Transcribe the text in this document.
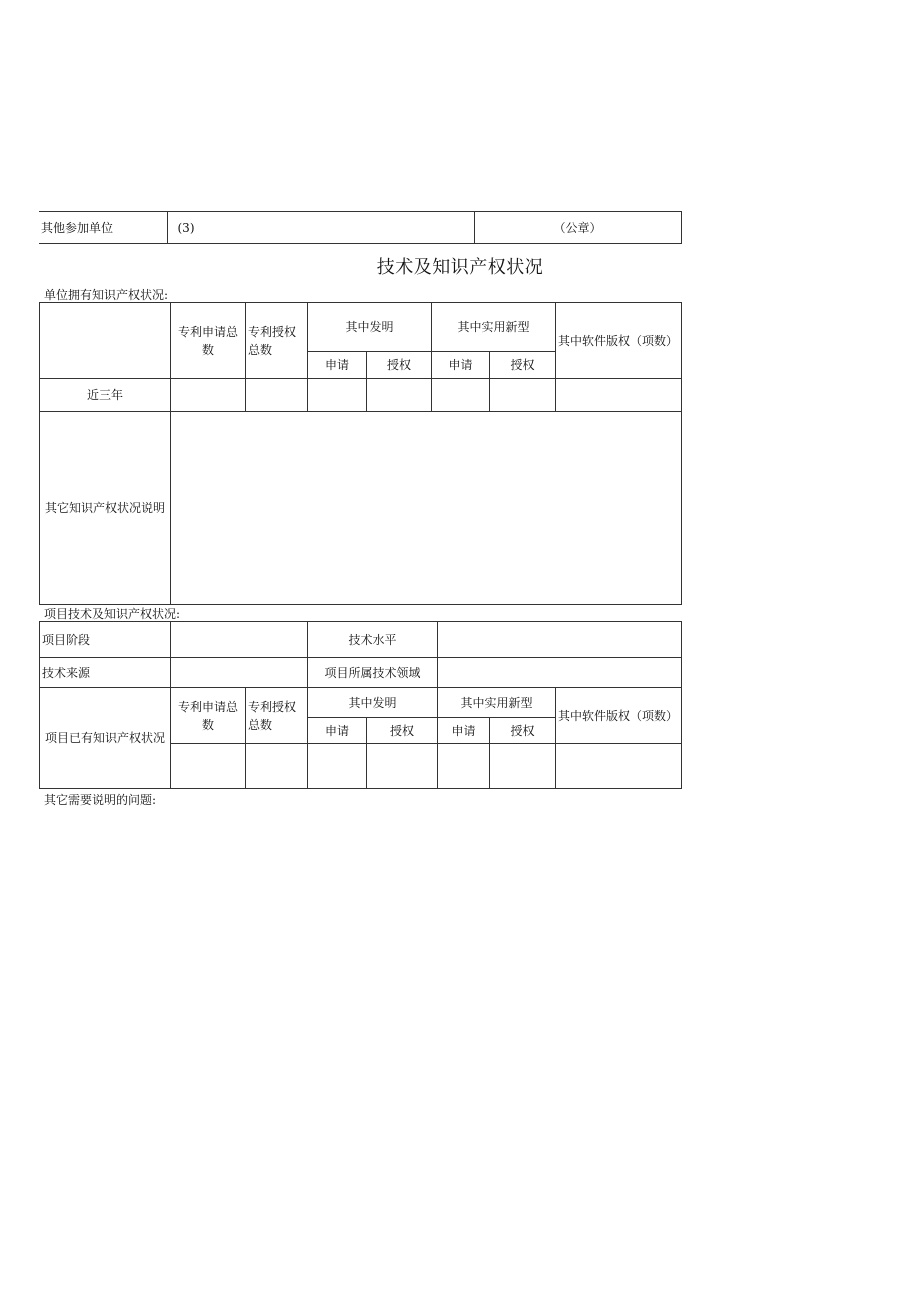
其他参加单位	(3)	（公章）
技术及知识产权状况
单位拥有知识产权状况:
	专利申请总数	专利授权总数	其中发明		其中实用新型		其中软件版权（项数）
			申请	授权	申请	授权	
近三年							
其它知识产权状况说明							
项目技术及知识产权状况:
项目阶段			技术水平				
技术来源			项目所属技术领域				
项目已有知识产权状况	专利申请总数	专利授权总数	其中发明		其中实用新型		其中软件版权（项数）
			申请	授权	申请	授权	

其它需要说明的问题:
